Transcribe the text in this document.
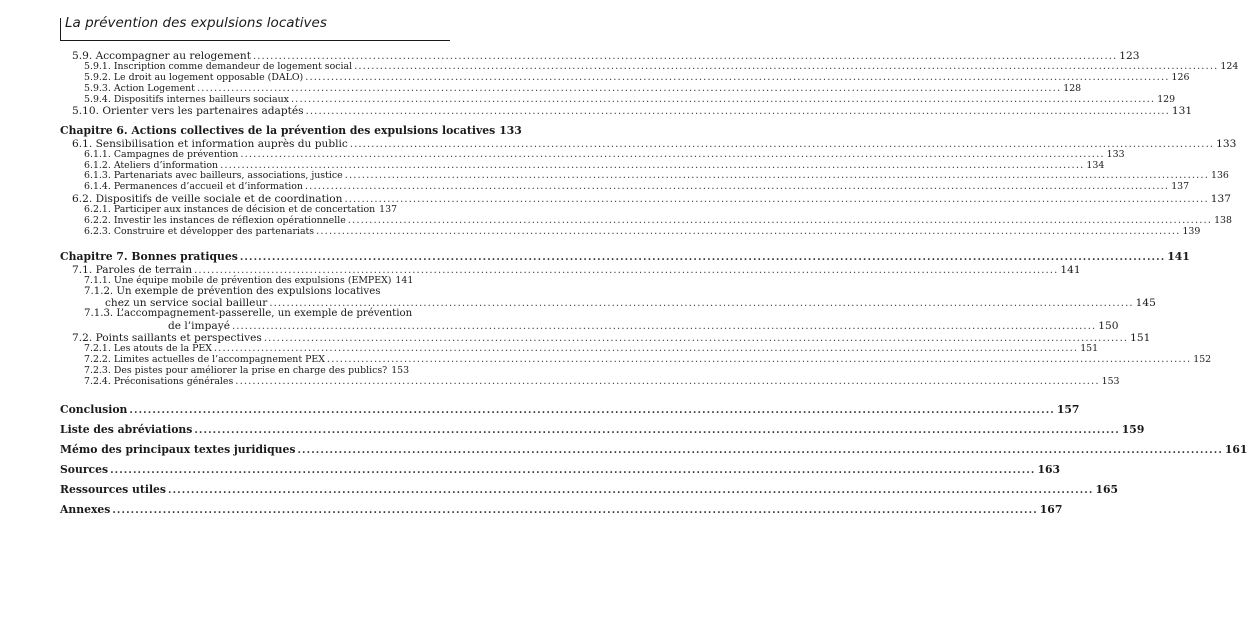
La prévention des expulsions locatives
5.9. Accompagner au relogement .....	123
5.9.1. Inscription comme demandeur de logement social .....	124
5.9.2. Le droit au logement opposable (DALO) .....	126
5.9.3. Action Logement .....	128
5.9.4. Dispositifs internes bailleurs sociaux .....	129
5.10. Orienter vers les partenaires adaptés .....	131
Chapitre 6. Actions collectives de la prévention des expulsions locatives 133
6.1. Sensibilisation et information auprès du public .....	133
6.1.1. Campagnes de prévention .....	133
6.1.2. Ateliers d’information .....	134
6.1.3. Partenariats avec bailleurs, associations, justice .....	136
6.1.4. Permanences d’accueil et d’information .....	137
6.2. Dispositifs de veille sociale et de coordination .....	137
6.2.1. Participer aux instances de décision et de concertation 137
6.2.2. Investir les instances de réflexion opérationnelle .....	138
6.2.3. Construire et développer des partenariats .....	139
Chapitre 7. Bonnes pratiques .....	141
7.1. Paroles de terrain .....	141
7.1.1. Une équipe mobile de prévention des expulsions (EMPEX) 141
7.1.2. Un exemple de prévention des expulsions locatives
chez un service social bailleur .....	145
7.1.3. L’accompagnement-passerelle, un exemple de prévention
de l’impayé .....	150
7.2. Points saillants et perspectives .....	151
7.2.1. Les atouts de la PEX .....	151
7.2.2. Limites actuelles de l’accompagnement PEX .....	152
7.2.3. Des pistes pour améliorer la prise en charge des publics? 153
7.2.4. Préconisations générales .....	153
Conclusion .....	157
Liste des abréviations .....	159
Mémo des principaux textes juridiques .....	161
Sources .....	163
Ressources utiles .....	165
Annexes .....	167
